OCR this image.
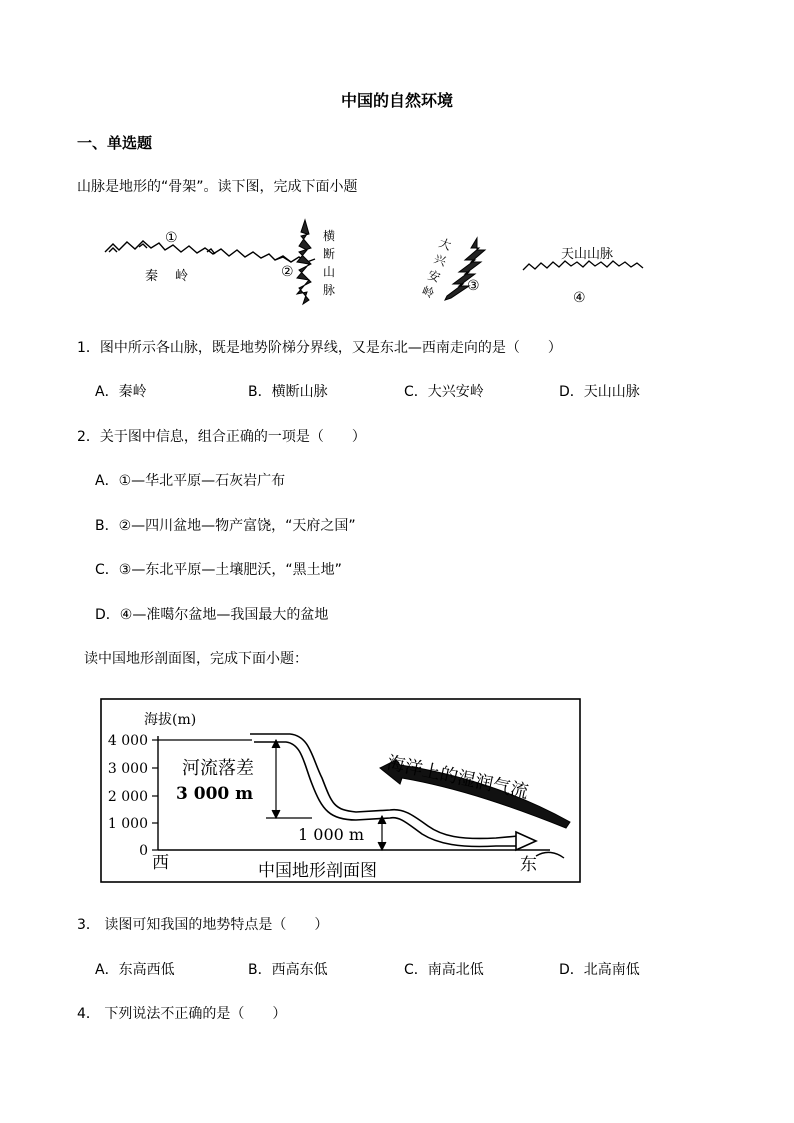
中国的自然环境
一、单选题
山脉是地形的“骨架”。读下图，完成下面小题
①
秦 岭
横
断
山
脉
②
大
兴
安
岭 ③
天山山脉
④
1．图中所示各山脉，既是地势阶梯分界线，又是东北—西南走向的是（　　）
A．秦岭	B．横断山脉	C．大兴安岭	D．天山山脉
2．关于图中信息，组合正确的一项是（　　）
A．①—华北平原—石灰岩广布
B．②—四川盆地—物产富饶，“天府之国”
C．③—东北平原—土壤肥沃，“黑土地”
D．④—准噶尔盆地—我国最大的盆地
读中国地形剖面图，完成下面小题：
海拔(m)
4 000
3 000
2 000
1 000
0
河流落差
3 000 m
1 000 m
海洋上的湿润气流
西	东
中国地形剖面图
3． 读图可知我国的地势特点是（　　）
A．东高西低	B．西高东低	C．南高北低	D．北高南低
4． 下列说法不正确的是（　　）
